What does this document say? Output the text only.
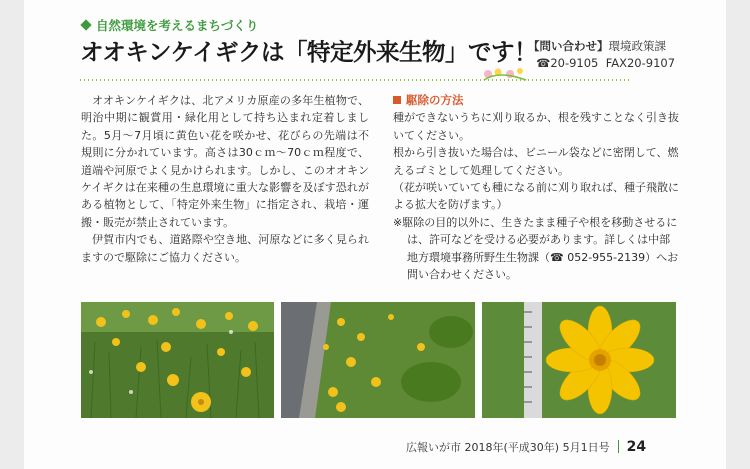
自然環境を考えるまちづくり
オオキンケイギクは「特定外来生物」です！
【問い合わせ】環境政策課
☎20-9105 FAX20-9107

オオキンケイギクは、北アメリカ原産の多年生植物で、明治中期に観賞用・緑化用として持ち込まれ定着しました。5月～7月頃に黄色い花を咲かせ、花びらの先端は不規則に分かれています。高さは30ｃｍ～70ｃｍ程度で、道端や河原でよく見かけられます。しかし、このオオキンケイギクは在来種の生息環境に重大な影響を及ぼす恐れがある植物として、「特定外来生物」に指定され、栽培・運搬・販売が禁止されています。

伊賀市内でも、道路際や空き地、河原などに多く見られますので駆除にご協力ください。

駆除の方法

種ができないうちに刈り取るか、根を残すことなく引き抜いてください。

根から引き抜いた場合は、ビニール袋などに密閉して、燃えるゴミとして処理してください。

（花が咲いていても種になる前に刈り取れば、種子飛散による拡大を防げます。）

※駆除の目的以外に、生きたまま種子や根を移動させるには、許可などを受ける必要があります。詳しくは中部地方環境事務所野生生物課（☎ 052-955-2139）へお問い合わせください。

広報いが市 2018年(平成30年) 5月1日号 24
